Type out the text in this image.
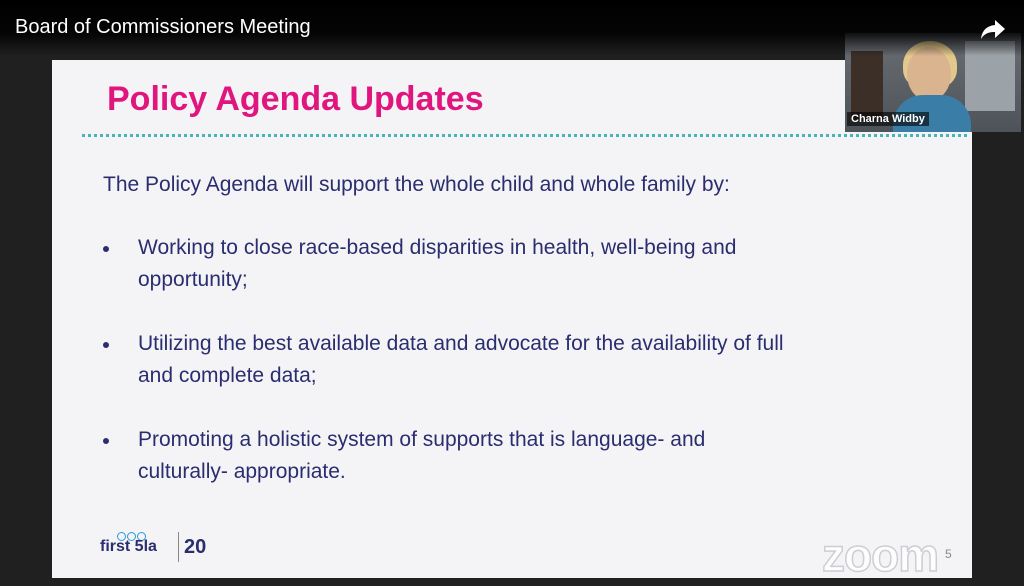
Policy Agenda Updates
The Policy Agenda will support the whole child and whole family by:
Working to close race-based disparities in health, well-being and
opportunity;
Utilizing the best available data and advocate for the availability of full
and complete data;
Promoting a holistic system of supports that is language- and
culturally- appropriate.
first 5la 20	zoom 5
Charna Widby
Board of Commissioners Meeting
